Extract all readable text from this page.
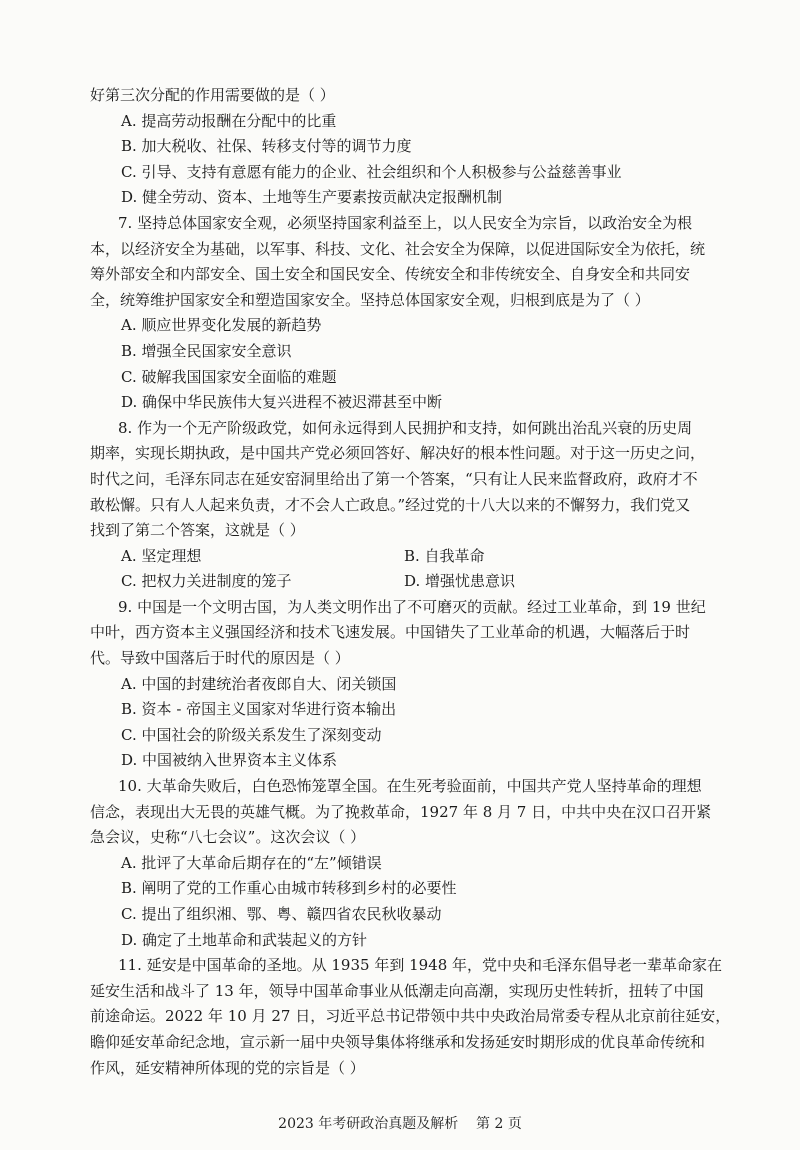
好第三次分配的作用需要做的是（ ）
A. 提高劳动报酬在分配中的比重
B. 加大税收、社保、转移支付等的调节力度
C. 引导、支持有意愿有能力的企业、社会组织和个人积极参与公益慈善事业
D. 健全劳动、资本、土地等生产要素按贡献决定报酬机制
7. 坚持总体国家安全观，必须坚持国家利益至上，以人民安全为宗旨，以政治安全为根
本，以经济安全为基础，以军事、科技、文化、社会安全为保障，以促进国际安全为依托，统
筹外部安全和内部安全、国土安全和国民安全、传统安全和非传统安全、自身安全和共同安
全，统筹维护国家安全和塑造国家安全。坚持总体国家安全观，归根到底是为了（ ）
A. 顺应世界变化发展的新趋势
B. 增强全民国家安全意识
C. 破解我国国家安全面临的难题
D. 确保中华民族伟大复兴进程不被迟滞甚至中断
8. 作为一个无产阶级政党，如何永远得到人民拥护和支持，如何跳出治乱兴衰的历史周
期率，实现长期执政，是中国共产党必须回答好、解决好的根本性问题。对于这一历史之问，
时代之问，毛泽东同志在延安窑洞里给出了第一个答案，“只有让人民来监督政府，政府才不
敢松懈。只有人人起来负责，才不会人亡政息。”经过党的十八大以来的不懈努力，我们党又
找到了第二个答案，这就是（ ）
A. 坚定理想	B. 自我革命
C. 把权力关进制度的笼子	D. 增强忧患意识
9. 中国是一个文明古国，为人类文明作出了不可磨灭的贡献。经过工业革命，到 19 世纪
中叶，西方资本主义强国经济和技术飞速发展。中国错失了工业革命的机遇，大幅落后于时
代。导致中国落后于时代的原因是（ ）
A. 中国的封建统治者夜郎自大、闭关锁国
B. 资本 - 帝国主义国家对华进行资本输出
C. 中国社会的阶级关系发生了深刻变动
D. 中国被纳入世界资本主义体系
10. 大革命失败后，白色恐怖笼罩全国。在生死考验面前，中国共产党人坚持革命的理想
信念，表现出大无畏的英雄气概。为了挽救革命，1927 年 8 月 7 日，中共中央在汉口召开紧
急会议，史称“八七会议”。这次会议（ ）
A. 批评了大革命后期存在的“左”倾错误
B. 阐明了党的工作重心由城市转移到乡村的必要性
C. 提出了组织湘、鄂、粤、赣四省农民秋收暴动
D. 确定了土地革命和武装起义的方针
11. 延安是中国革命的圣地。从 1935 年到 1948 年，党中央和毛泽东倡导老一辈革命家在
延安生活和战斗了 13 年，领导中国革命事业从低潮走向高潮，实现历史性转折，扭转了中国
前途命运。2022 年 10 月 27 日，习近平总书记带领中共中央政治局常委专程从北京前往延安，
瞻仰延安革命纪念地，宣示新一届中央领导集体将继承和发扬延安时期形成的优良革命传统和
作风，延安精神所体现的党的宗旨是（ ）
2023 年考研政治真题及解析    第 2 页
